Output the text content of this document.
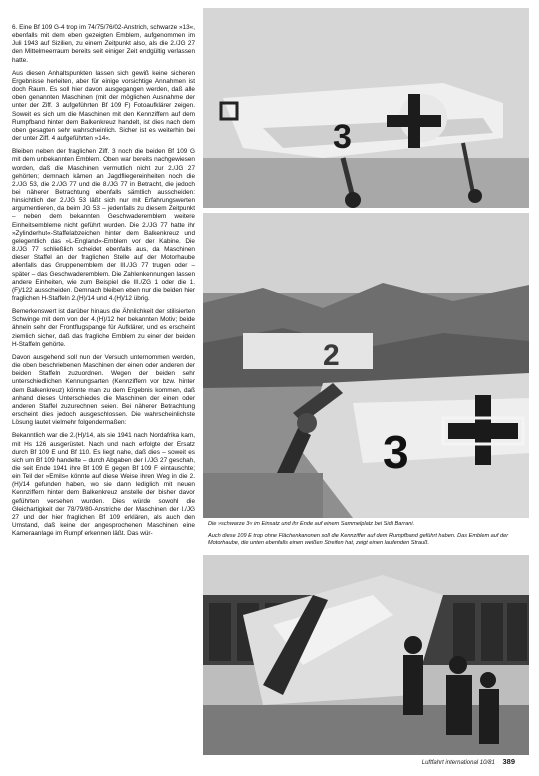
6. Eine Bf 109 G-4 trop im 74/75/76/02-Anstrich, schwarze »13«, ebenfalls mit dem eben gezeigten Emblem, aufgenommen im Juli 1943 auf Sizilien, zu einem Zeitpunkt also, als die 2./JG 27 den Mittelmeerraum bereits seit einiger Zeit endgültig verlassen hatte.

Aus diesen Anhaltspunkten lassen sich gewiß keine sicheren Ergebnisse herleiten, aber für einige vorsichtige Annahmen ist doch Raum. Es soll hier davon ausgegangen werden, daß alle oben genannten Maschinen (mit der möglichen Ausnahme der unter der Ziff. 3 aufgeführten Bf 109 F) Fotoaufklärer zeigen. Soweit es sich um die Maschinen mit den Kennziffern auf dem Rumpfband hinter dem Balkenkreuz handelt, ist dies nach dem oben gesagten sehr wahrscheinlich. Sicher ist es weiterhin bei der unter Ziff. 4 aufgeführten »14«.

Bleiben neben der fraglichen Ziff. 3 noch die beiden Bf 109 G mit dem unbekannten Emblem. Oben war bereits nachgewiesen worden, daß die Maschinen vermutlich nicht zur 2./JG 27 gehörten; demnach kämen an Jagdfliegereinheiten noch die 2./JG 53, die 2./JG 77 und die 8./JG 77 in Betracht, die jedoch bei näherer Betrachtung ebenfalls sämtlich ausscheiden: hinsichtlich der 2./JG 53 läßt sich nur mit Erfahrungswerten argumentieren, da beim JG 53 – jedenfalls zu diesem Zeitpunkt – neben dem bekannten Geschwaderemblem weitere Einheitsembleme nicht geführt wurden. Die 2./JG 77 hatte ihr »Zylinderhut«-Staffelabzeichen hinter dem Balkenkreuz und gelegentlich das »L-England«-Emblem vor der Kabine. Die 8./JG 77 schließlich scheidet ebenfalls aus, da Maschinen dieser Staffel an der fraglichen Stelle auf der Motorhaube allenfalls das Gruppenemblem der III./JG 77 trugen oder – später – das Geschwaderemblem. Die Zahlenkennungen lassen andere Einheiten, wie zum Beispiel die III./ZG 1 oder die 1.(F)/122 ausscheiden. Demnach bleiben eben nur die beiden hier fraglichen H-Staffeln 2.(H)/14 und 4.(H)/12 übrig.

Bemerkenswert ist darüber hinaus die Ähnlichkeit der stilisierten Schwinge mit dem von der 4.(H)/12 her bekannten Motiv; beide ähneln sehr der Frontflugspange für Aufklärer, und es erscheint ziemlich sicher, daß das fragliche Emblem zu einer der beiden H-Staffeln gehörte.

Davon ausgehend soll nun der Versuch unternommen werden, die oben beschriebenen Maschinen der einen oder anderen der beiden Staffeln zuzuordnen. Wegen der beiden sehr unterschiedlichen Kennungsarten (Kennziffern vor bzw. hinter dem Balkenkreuz) könnte man zu dem Ergebnis kommen, daß anhand dieses Unterschiedes die Maschinen der einen oder anderen Staffel zuzurechnen seien. Bei näherer Betrachtung erscheint dies jedoch ausgeschlossen. Die wahrscheinlichste Lösung lautet vielmehr folgendermaßen:

Bekanntlich war die 2.(H)/14, als sie 1941 nach Nordafrika kam, mit Hs 126 ausgerüstet. Nach und nach erfolgte der Ersatz durch Bf 109 E und Bf 110. Es liegt nahe, daß dies – soweit es sich um Bf 109 handelte – durch Abgaben der I./JG 27 geschah, die seit Ende 1941 ihre Bf 109 E gegen Bf 109 F eintauschte; ein Teil der »Emils« könnte auf diese Weise ihren Weg in die 2.(H)/14 gefunden haben, wo sie dann lediglich mit neuen Kennziffern hinter dem Balkenkreuz anstelle der bisher davor geführten versehen wurden. Dies würde sowohl die Gleichartigkeit der 78/79/80-Anstriche der Maschinen der I./JG 27 und der hier fraglichen Bf 109 erklären, als auch den Umstand, daß keine der angesprochenen Maschinen eine Kameraanlage im Rumpf erkennen läßt. Das wür-

3
2
3
Die »schwarze 3« im Einsatz und ihr Ende auf einem Sammelplatz bei Sidi Barrani.
Auch diese 109 E trop ohne Flächenkanonen soll die Kennziffer auf dem Rumpfband geführt haben. Das Emblem auf der Motorhaube, die unten ebenfalls einen weißen Streifen hat, zeigt einen laufenden Strauß.
Luftfahrt international 10/81 389
